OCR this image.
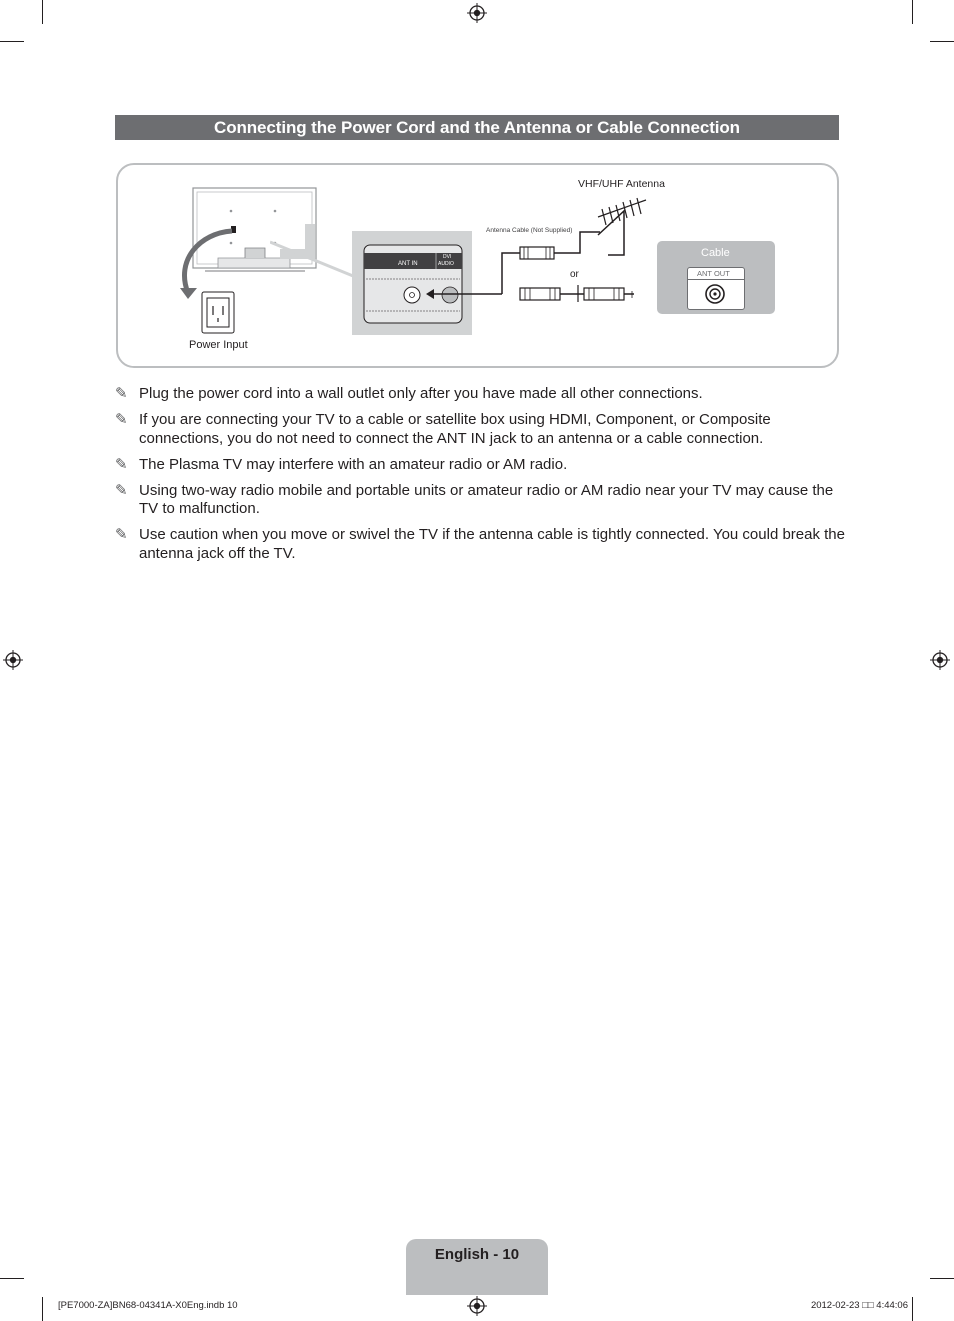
Connecting the Power Cord and the Antenna or Cable Connection
Power Input
ANT IN
DVI
AUDIO
VHF/UHF Antenna
Antenna Cable (Not Supplied)
or
Cable
ANT OUT
✎ Plug the power cord into a wall outlet only after you have made all other connections.
✎ If you are connecting your TV to a cable or satellite box using HDMI, Component, or Composite connections, you do not need to connect the ANT IN jack to an antenna or a cable connection.
✎ The Plasma TV may interfere with an amateur radio or AM radio.
✎ Using two-way radio mobile and portable units or amateur radio or AM radio near your TV may cause the TV to malfunction.
✎ Use caution when you move or swivel the TV if the antenna cable is tightly connected. You could break the antenna jack off the TV.
English - 10
[PE7000-ZA]BN68-04341A-X0Eng.indb 10	2012-02-23 □□ 4:44:06
